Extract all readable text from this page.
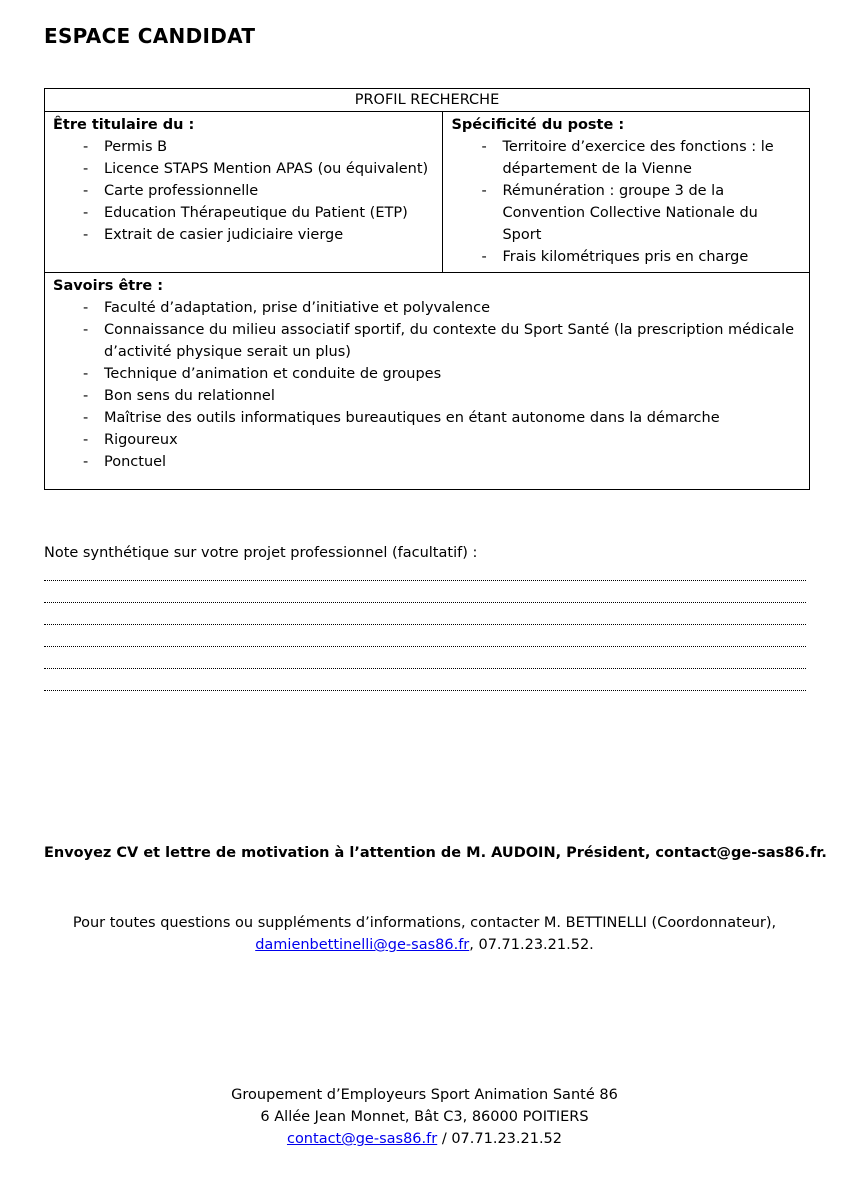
ESPACE CANDIDAT
PROFIL RECHERCHE

Être titulaire du :
- Permis B
- Licence STAPS Mention APAS (ou équivalent)
- Carte professionnelle
- Education Thérapeutique du Patient (ETP)
- Extrait de casier judiciaire vierge

Spécificité du poste :
- Territoire d’exercice des fonctions : le département de la Vienne
- Rémunération : groupe 3 de la Convention Collective Nationale du Sport
- Frais kilométriques pris en charge

Savoirs être :
- Faculté d’adaptation, prise d’initiative et polyvalence
- Connaissance du milieu associatif sportif, du contexte du Sport Santé (la prescription médicale d’activité physique serait un plus)
- Technique d’animation et conduite de groupes
- Bon sens du relationnel
- Maîtrise des outils informatiques bureautiques en étant autonome dans la démarche
- Rigoureux
- Ponctuel
Note synthétique sur votre projet professionnel (facultatif) :
Envoyez CV et lettre de motivation à l’attention de M. AUDOIN, Président, contact@ge-sas86.fr.
Pour toutes questions ou suppléments d’informations, contacter M. BETTINELLI (Coordonnateur),
damienbettinelli@ge-sas86.fr, 07.71.23.21.52.
Groupement d’Employeurs Sport Animation Santé 86
6 Allée Jean Monnet, Bât C3, 86000 POITIERS
contact@ge-sas86.fr / 07.71.23.21.52
